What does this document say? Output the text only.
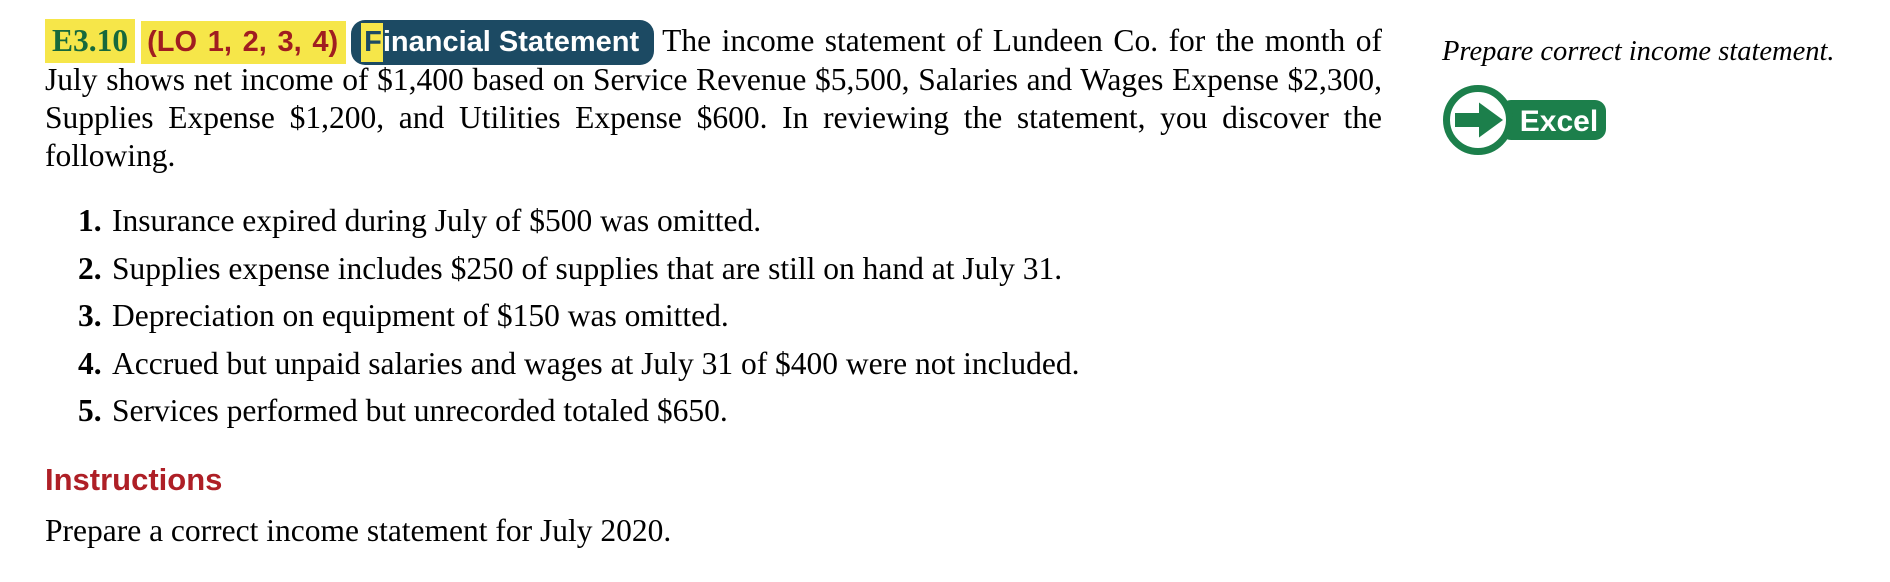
E3.10 (LO 1, 2, 3, 4) Financial Statement The income statement of Lundeen Co. for the month of July shows net income of $1,400 based on Service Revenue $5,500, Salaries and Wages Expense $2,300, Supplies Expense $1,200, and Utilities Expense $600. In reviewing the statement, you discover the following.

1. Insurance expired during July of $500 was omitted.
2. Supplies expense includes $250 of supplies that are still on hand at July 31.
3. Depreciation on equipment of $150 was omitted.
4. Accrued but unpaid salaries and wages at July 31 of $400 were not included.
5. Services performed but unrecorded totaled $650.
Instructions

Prepare a correct income statement for July 2020.

Prepare correct income statement.

Excel
